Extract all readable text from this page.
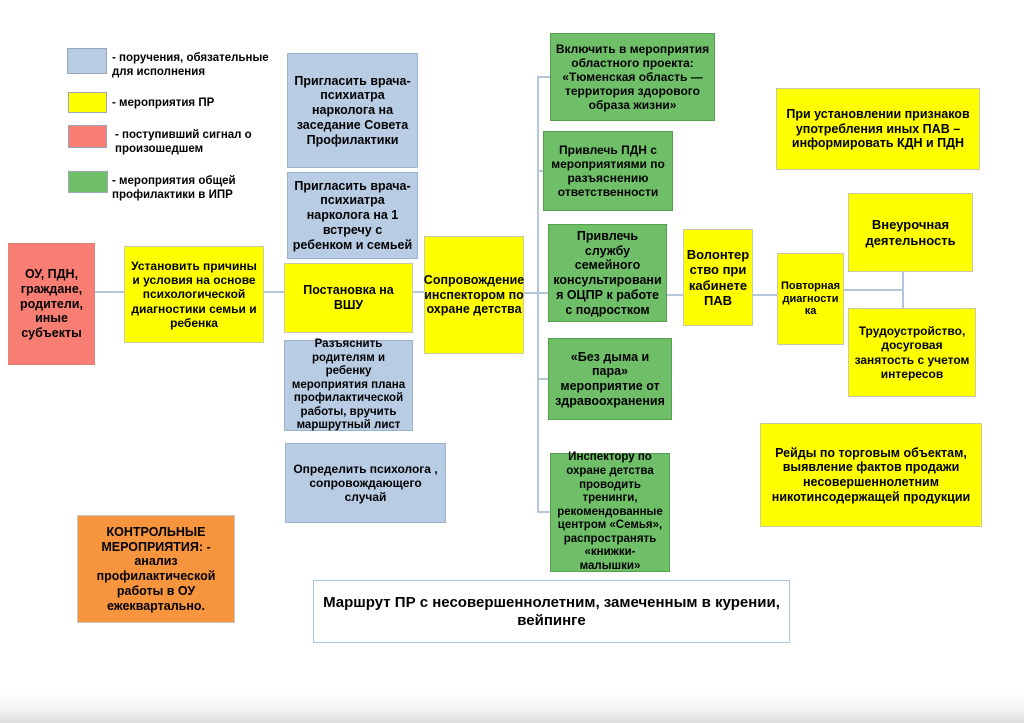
- поручения, обязательные для исполнения
- мероприятия ПР
- поступивший сигнал о произошедшем
- мероприятия общей профилактики в ИПР
ОУ, ПДН, граждане, родители, иные субъекты
Установить причины и условия на основе психологической диагностики семьи и ребенка
Пригласить врача-психиатра нарколога на заседание Совета Профилактики
Пригласить врача-психиатра нарколога на 1 встречу с ребенком и семьей
Постановка на ВШУ
Разъяснить родителям и ребенку мероприятия плана профилактической работы, вручить маршрутный лист
Определить психолога , сопровождающего случай
Сопровождение инспектором по охране детства
Включить в мероприятия областного проекта: «Тюменская область — территория здорового образа жизни»
Привлечь ПДН с мероприятиями по разъяснению ответственности
Привлечь службу семейного консультировани я ОЦПР к работе с подростком
«Без дыма и пара» мероприятие от здравоохранения
Инспектору по охране детства проводить тренинги, рекомендованные центром «Семья», распространять «книжки-малышки»
Волонтер ство при кабинете ПАВ
Повторная диагности ка
При установлении признаков употребления иных ПАВ – информировать КДН и ПДН
Внеурочная деятельность
Трудоустройство, досуговая занятость с учетом интересов
Рейды по торговым объектам, выявление фактов продажи несовершеннолетним никотинсодержащей продукции
КОНТРОЛЬНЫЕ МЕРОПРИЯТИЯ: - анализ профилактической работы в ОУ ежеквартально.	Маршрут ПР с несовершеннолетним, замеченным в курении, вейпинге
